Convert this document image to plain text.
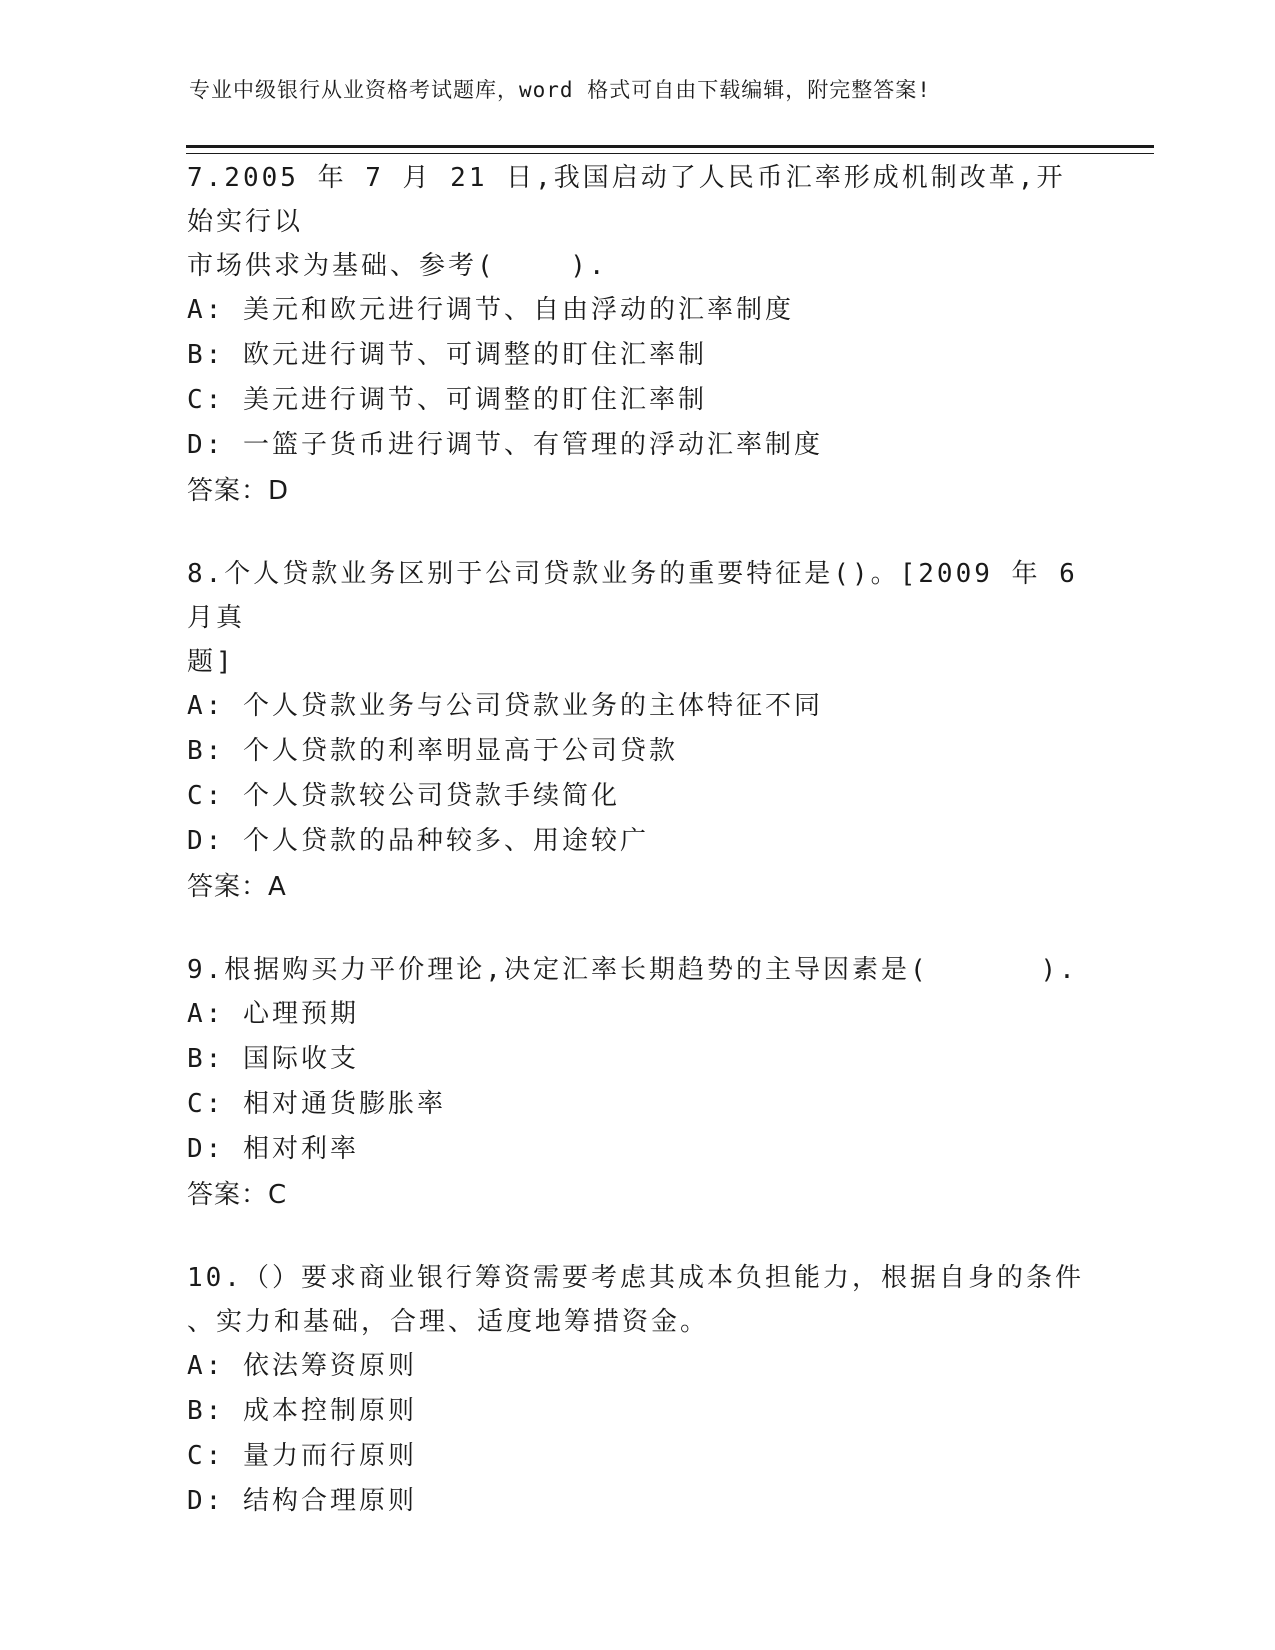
专业中级银行从业资格考试题库，word 格式可自由下载编辑，附完整答案!

7.2005 年 7 月 21 日,我国启动了人民币汇率形成机制改革,开始实行以

市场供求为基础、参考(    ).

A: 美元和欧元进行调节、自由浮动的汇率制度
B: 欧元进行调节、可调整的盯住汇率制
C: 美元进行调节、可调整的盯住汇率制
D: 一篮子货币进行调节、有管理的浮动汇率制度
答案：D

8.个人贷款业务区别于公司贷款业务的重要特征是()。[2009 年 6 月真

题]

A: 个人贷款业务与公司贷款业务的主体特征不同
B: 个人贷款的利率明显高于公司贷款
C: 个人贷款较公司贷款手续简化
D: 个人贷款的品种较多、用途较广
答案：A

9.根据购买力平价理论,决定汇率长期趋势的主导因素是(      ).

A: 心理预期
B: 国际收支
C: 相对通货膨胀率
D: 相对利率
答案：C

10.（）要求商业银行筹资需要考虑其成本负担能力，根据自身的条件

、实力和基础，合理、适度地筹措资金。

A: 依法筹资原则
B: 成本控制原则
C: 量力而行原则
D: 结构合理原则
